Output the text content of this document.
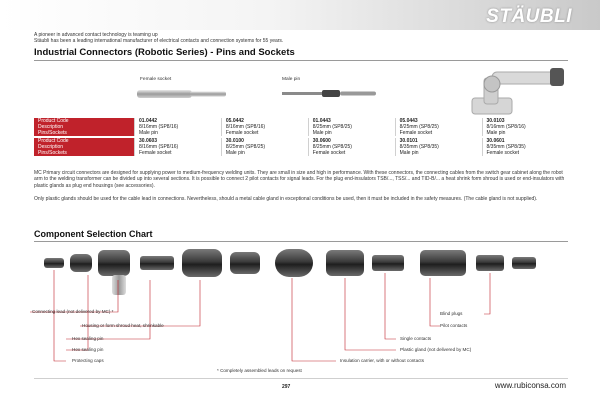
STÄUBLI
A pioneer in advanced contact technology is teaming up
Stäubli has been a leading international manufacturer of electrical contacts and connection systems for 55 years.
Industrial Connectors (Robotic Series) - Pins and Sockets
Female socket	Male pin
Product Code	01.0442	05.0442	01.0443	05.0443	30.0103
Description	8/16mm (SP8/16)	8/16mm (SP8/16)	8/25mm (SP8/25)	8/25mm (SP8/25)	8/16mm (SP8/16)
Pins/Sockets	Male pin	Female socket	Male pin	Female socket	Male pin
Product Code	30.0603	30.0100	30.0600	30.0101	30.0601
Description	8/16mm (SP8/16)	8/25mm (SP8/25)	8/25mm (SP8/25)	8/35mm (SP8/35)	8/35mm (SP8/35)
Pins/Sockets	Female socket	Male pin	Female socket	Male pin	Female socket
MC Primary circuit connectors are designed for supplying power to medium-frequency welding units. They are small in size and high in performance. With these connectors, the connecting cables from the switch gear cabinet along the robot arm to the welding transformer can be divided up into several sections. It is possible to connect 2 pilot contacts for signal leads. For the plug end-insulators TSB/..., TSS/... and TID-B/... a heat shrink form shroud is used or end-insulators with plastic glands as plug end housings (see accessories).
Only plastic glands should be used for the cable lead in connections. Nevertheless, should a metal cable gland in exceptional conditions be used, then it must be included in the safety measures. (The cable gland is not supplied).
Component Selection Chart
Connecting lead (not delivered by MC) *
Housing or form shroud heat, shrinkable
Hex sealing pin
Hex sealing pin
Protecting caps
Blind plugs
Pilot contacts
Single contacts
Plastic gland (not delivered by MC)
Insulation carrier, with or without contacts
* Completely assembled leads on request
297	www.rubiconsa.com
